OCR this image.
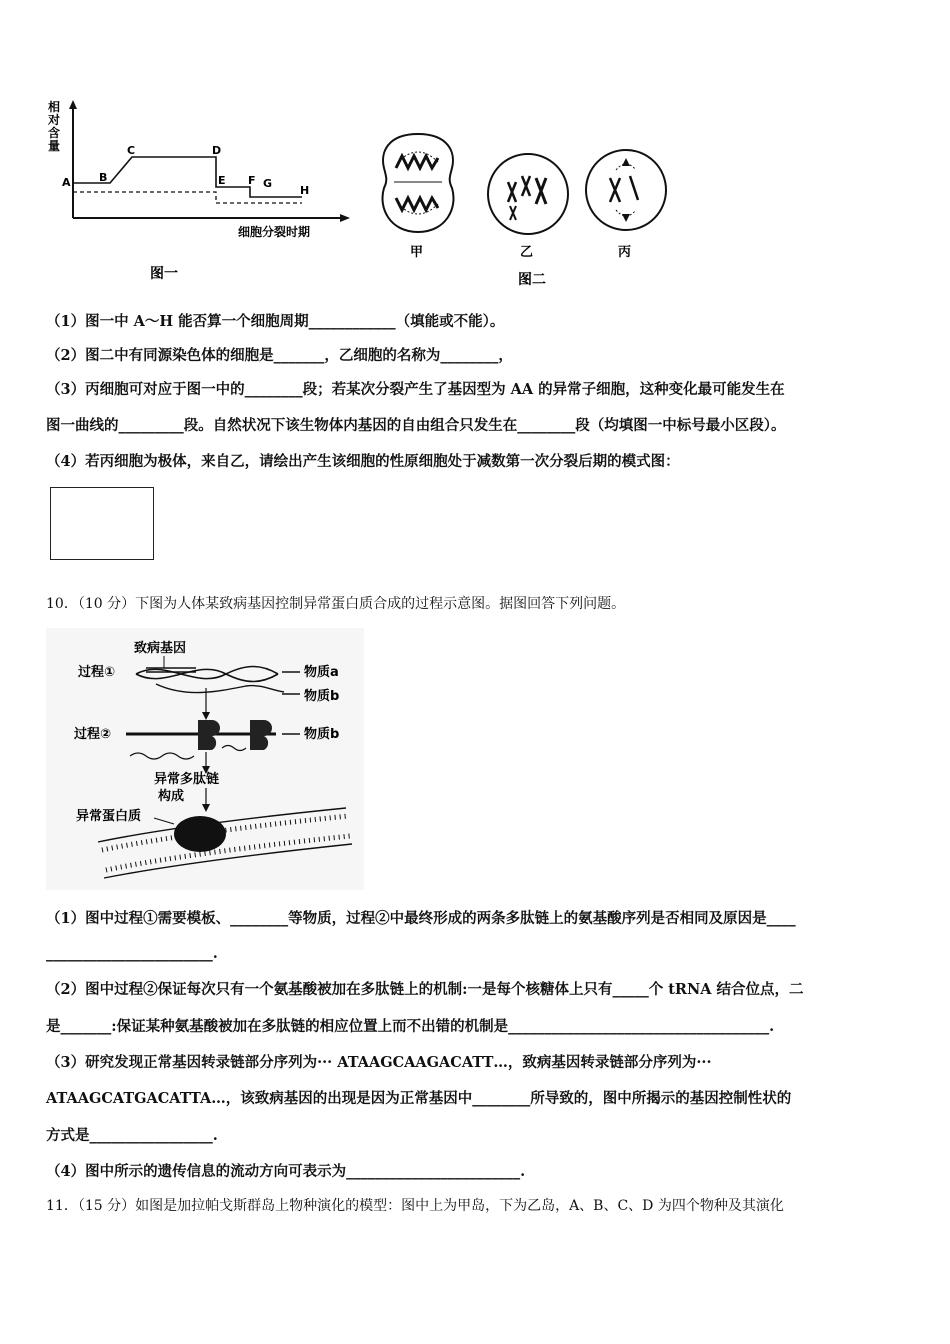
相
对
含
量
A	B
C	D
E F G
H
细胞分裂时期
图一
甲	乙	丙
图二
（1）图一中 A～H 能否算一个细胞周期____________（填能或不能）。
（2）图二中有同源染色体的细胞是_______，乙细胞的名称为________，
（3）丙细胞可对应于图一中的________段；若某次分裂产生了基因型为 AA 的异常子细胞，这种变化最可能发生在
图一曲线的_________段。自然状况下该生物体内基因的自由组合只发生在________段（均填图一中标号最小区段）。
（4）若丙细胞为极体，来自乙，请绘出产生该细胞的性原细胞处于减数第一次分裂后期的模式图：
10．（10 分）下图为人体某致病基因控制异常蛋白质合成的过程示意图。据图回答下列问题。
致病基因
过程①	物质a
物质b
过程②	物质b
异常多肽链
构成
异常蛋白质
（1）图中过程①需要模板、________等物质，过程②中最终形成的两条多肽链上的氨基酸序列是否相同及原因是____
_______________________.
（2）图中过程②保证每次只有一个氨基酸被加在多肽链上的机制:一是每个核糖体上只有_____个 tRNA 结合位点，二
是_______:保证某种氨基酸被加在多肽链的相应位置上而不出错的机制是____________________________________.
（3）研究发现正常基因转录链部分序列为··· ATAAGCAAGACATT…，致病基因转录链部分序列为···
ATAAGCATGACATTA…，该致病基因的出现是因为正常基因中________所导致的，图中所揭示的基因控制性状的
方式是_________________.
（4）图中所示的遗传信息的流动方向可表示为________________________.
11．（15 分）如图是加拉帕戈斯群岛上物种演化的模型：图中上为甲岛，下为乙岛，A、B、C、D 为四个物种及其演化
